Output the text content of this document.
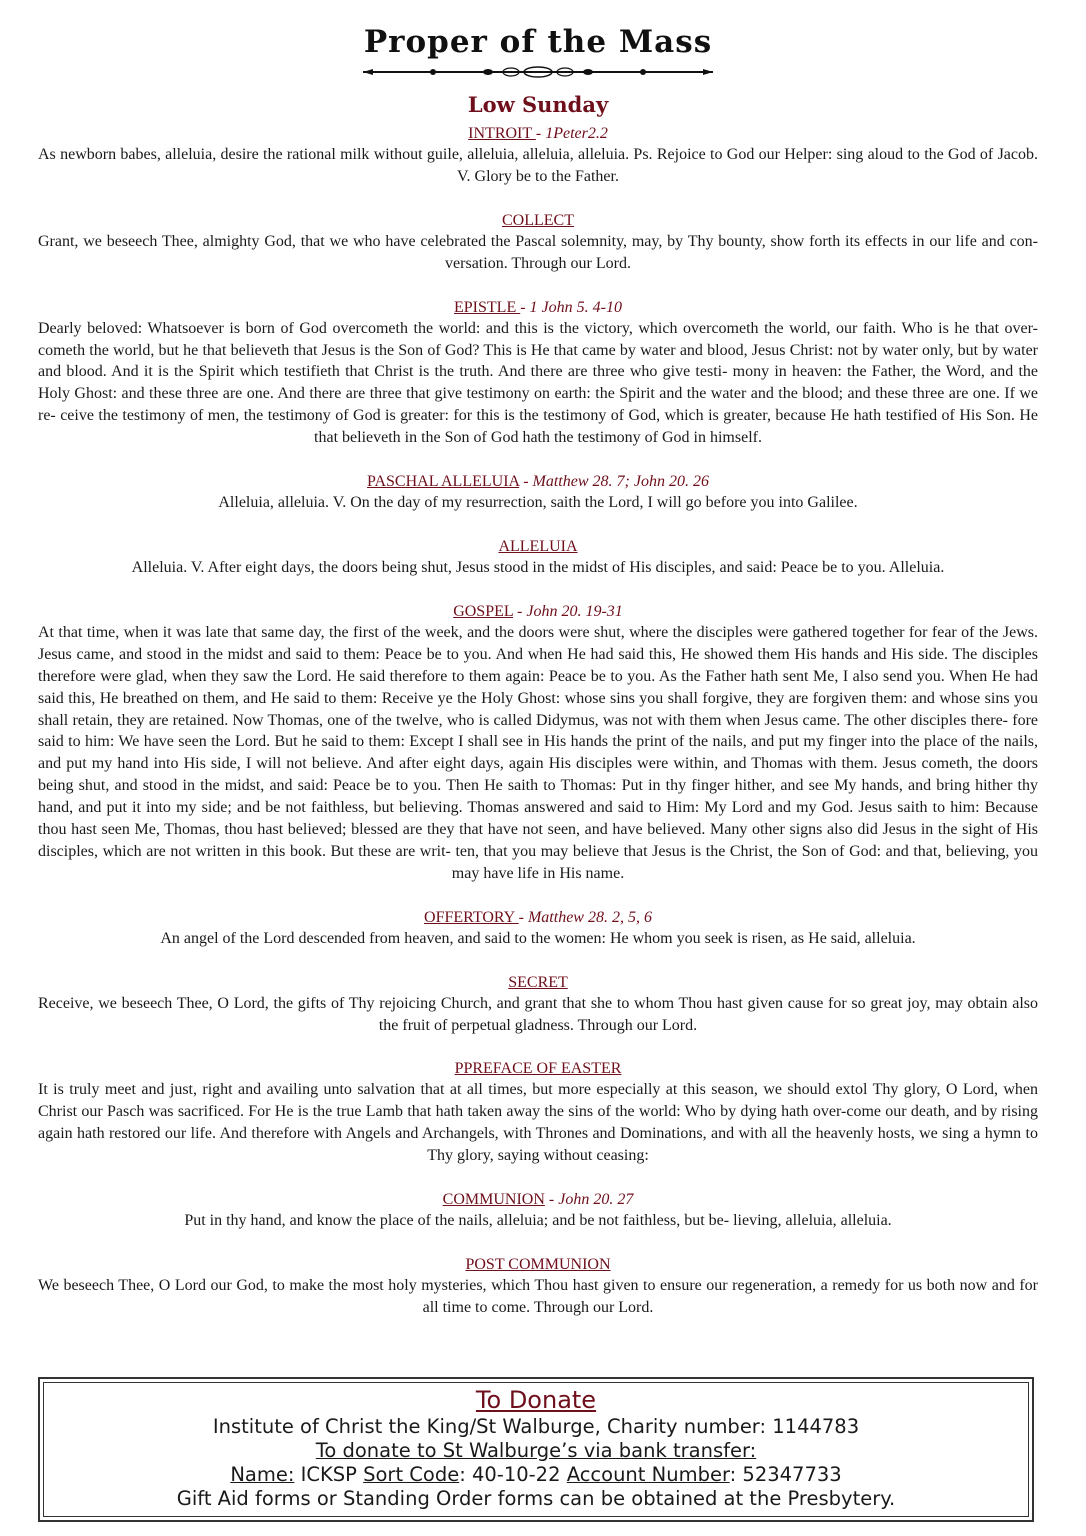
Proper of the Mass
Low Sunday
INTROIT - 1Peter2.2

As newborn babes, alleluia, desire the rational milk without guile, alleluia, alleluia, alleluia. Ps. Rejoice to God our Helper: sing aloud to the God of Jacob. V. Glory be to the Father.

COLLECT

Grant, we beseech Thee, almighty God, that we who have celebrated the Pascal solemnity, may, by Thy bounty, show forth its effects in our life and con- versation. Through our Lord.

EPISTLE - 1 John 5. 4-10

Dearly beloved: Whatsoever is born of God overcometh the world: and this is the victory, which overcometh the world, our faith. Who is he that over-cometh the world, but he that believeth that Jesus is the Son of God? This is He that came by water and blood, Jesus Christ: not by water only, but by water and blood. And it is the Spirit which testifieth that Christ is the truth. And there are three who give testi- mony in heaven: the Father, the Word, and the Holy Ghost: and these three are one. And there are three that give testimony on earth: the Spirit and the water and the blood; and these three are one. If we re- ceive the testimony of men, the testimony of God is greater: for this is the testimony of God, which is greater, because He hath testified of His Son. He that believeth in the Son of God hath the testimony of God in himself.

PASCHAL ALLELUIA - Matthew 28. 7; John 20. 26

Alleluia, alleluia. V. On the day of my resurrection, saith the Lord, I will go before you into Galilee.

ALLELUIA

Alleluia. V. After eight days, the doors being shut, Jesus stood in the midst of His disciples, and said: Peace be to you. Alleluia.

GOSPEL - John 20. 19-31

At that time, when it was late that same day, the first of the week, and the doors were shut, where the disciples were gathered together for fear of the Jews. Jesus came, and stood in the midst and said to them: Peace be to you. And when He had said this, He showed them His hands and His side. The disciples therefore were glad, when they saw the Lord. He said therefore to them again: Peace be to you. As the Father hath sent Me, I also send you. When He had said this, He breathed on them, and He said to them: Receive ye the Holy Ghost: whose sins you shall forgive, they are forgiven them: and whose sins you shall retain, they are retained. Now Thomas, one of the twelve, who is called Didymus, was not with them when Jesus came. The other disciples there- fore said to him: We have seen the Lord. But he said to them: Except I shall see in His hands the print of the nails, and put my finger into the place of the nails, and put my hand into His side, I will not believe. And after eight days, again His disciples were within, and Thomas with them. Jesus cometh, the doors being shut, and stood in the midst, and said: Peace be to you. Then He saith to Thomas: Put in thy finger hither, and see My hands, and bring hither thy hand, and put it into my side; and be not faithless, but believing. Thomas answered and said to Him: My Lord and my God. Jesus saith to him: Because thou hast seen Me, Thomas, thou hast believed; blessed are they that have not seen, and have believed. Many other signs also did Jesus in the sight of His disciples, which are not written in this book. But these are writ- ten, that you may believe that Jesus is the Christ, the Son of God: and that, believing, you may have life in His name.

OFFERTORY - Matthew 28. 2, 5, 6

An angel of the Lord descended from heaven, and said to the women: He whom you seek is risen, as He said, alleluia.

SECRET

Receive, we beseech Thee, O Lord, the gifts of Thy rejoicing Church, and grant that she to whom Thou hast given cause for so great joy, may obtain also the fruit of perpetual gladness. Through our Lord.

PPREFACE OF EASTER

It is truly meet and just, right and availing unto salvation that at all times, but more especially at this season, we should extol Thy glory, O Lord, when Christ our Pasch was sacrificed. For He is the true Lamb that hath taken away the sins of the world: Who by dying hath over-come our death, and by rising again hath restored our life. And therefore with Angels and Archangels, with Thrones and Dominations, and with all the heavenly hosts, we sing a hymn to Thy glory, saying without ceasing:

COMMUNION - John 20. 27

Put in thy hand, and know the place of the nails, alleluia; and be not faithless, but be- lieving, alleluia, alleluia.

POST COMMUNION

We beseech Thee, O Lord our God, to make the most holy mysteries, which Thou hast given to ensure our regeneration, a remedy for us both now and for all time to come. Through our Lord.

To Donate
Institute of Christ the King/St Walburge, Charity number: 1144783
To donate to St Walburge’s via bank transfer:
Name: ICKSP Sort Code: 40-10-22 Account Number: 52347733
Gift Aid forms or Standing Order forms can be obtained at the Presbytery.
